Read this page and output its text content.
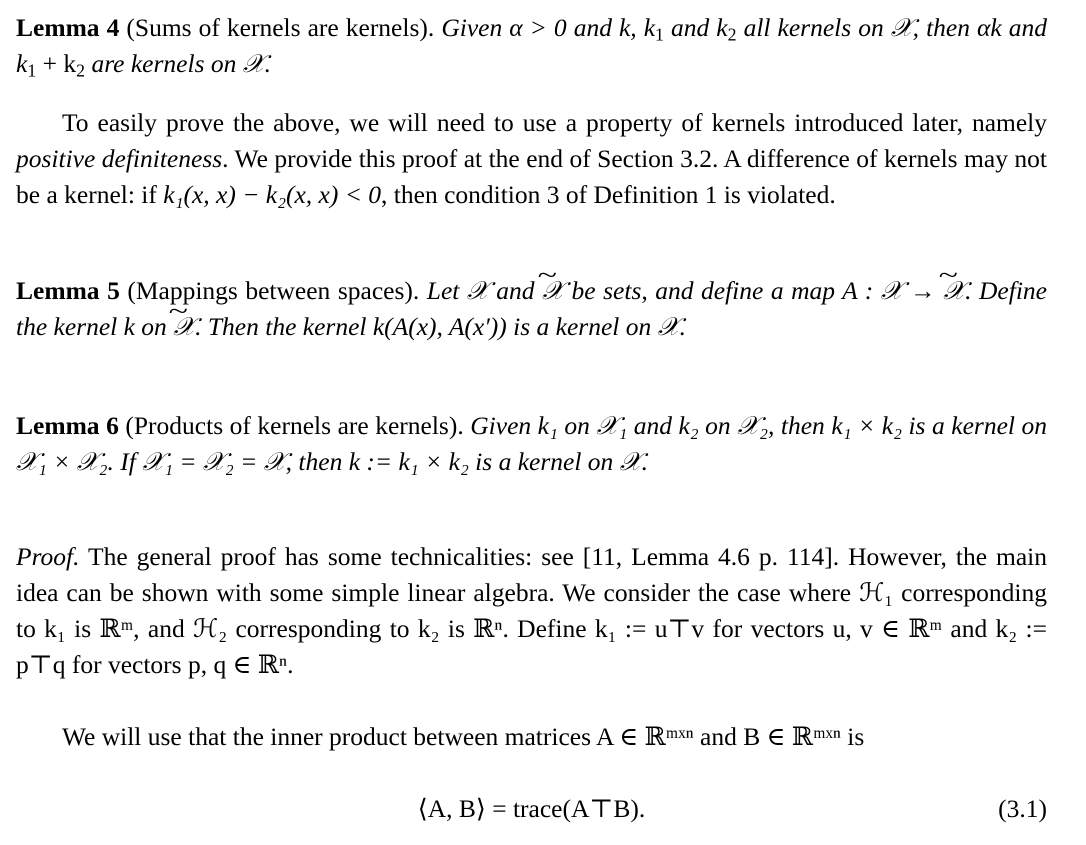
Lemma 4 (Sums of kernels are kernels). Given α > 0 and k, $k_1$ and $k_2$ all kernels on 𝒳, then αk and $k_1 + k_2$ are kernels on 𝒳.

To easily prove the above, we will need to use a property of kernels introduced later, namely positive definiteness. We provide this proof at the end of Section 3.2. A difference of kernels may not be a kernel: if k₁(x, x) − k₂(x, x) < 0, then condition 3 of Definition 1 is violated.

Lemma 5 (Mappings between spaces). Let 𝒳 and ~ 𝒳 be sets, and define a map A : 𝒳 → ~ 𝒳. Define the kernel k on ~ 𝒳. Then the kernel k(A(x), A(x′)) is a kernel on 𝒳.

Lemma 6 (Products of kernels are kernels). Given k₁ on 𝒳₁ and k₂ on 𝒳₂, then k₁ × k₂ is a kernel on 𝒳₁ × 𝒳₂. If 𝒳₁ = 𝒳₂ = 𝒳, then k := k₁ × k₂ is a kernel on 𝒳.

Proof. The general proof has some technicalities: see [11, Lemma 4.6 p. 114]. However, the main idea can be shown with some simple linear algebra. We consider the case where ℋ₁ corresponding to k₁ is ℝᵐ, and ℋ₂ corresponding to k₂ is ℝⁿ. Define k₁ := u⊤v for vectors u, v ∈ ℝᵐ and k₂ := p⊤q for vectors p, q ∈ ℝⁿ.

We will use that the inner product between matrices A ∈ ℝᵐˣⁿ and B ∈ ℝᵐˣⁿ is

⟨A, B⟩ = trace(A⊤B).	(3.1)
